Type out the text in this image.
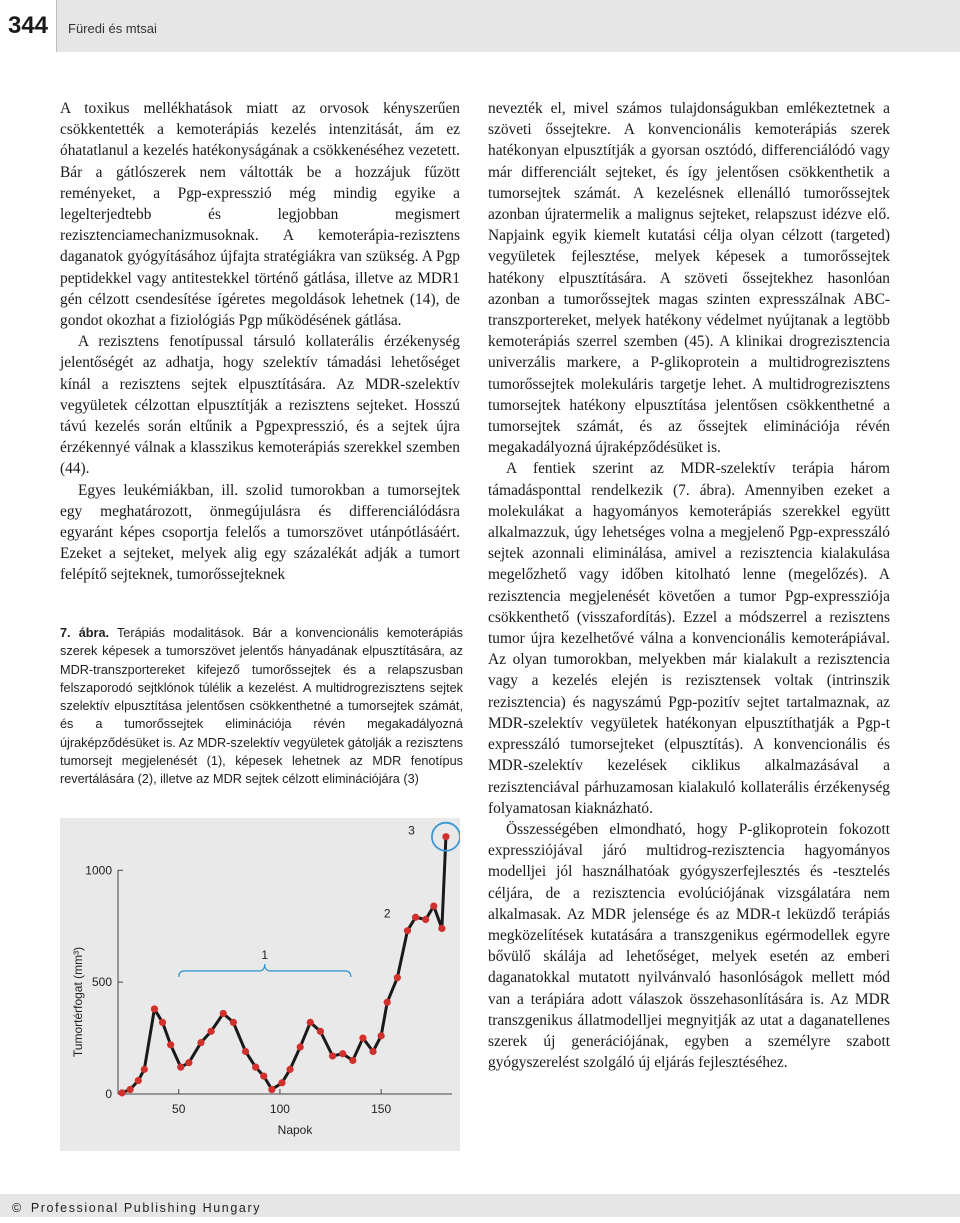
344	Füredi és mtsai

A toxikus mellékhatások miatt az orvosok kényszerűen csökkentették a kemoterápiás kezelés intenzitását, ám ez óhatatlanul a kezelés hatékonyságának a csökkenéséhez vezetett. Bár a gátlószerek nem váltották be a hozzájuk fűzött reményeket, a Pgp-expresszió még mindig egyike a legelterjedtebb és legjobban megismert rezisztenciamechanizmusoknak. A kemoterápia-rezisztens daganatok gyógyításához újfajta stratégiákra van szükség. A Pgp peptidekkel vagy antitestekkel történő gátlása, illetve az MDR1 gén célzott csendesítése ígéretes megoldások lehetnek (14), de gondot okozhat a fiziológiás Pgp működésének gátlása.

A rezisztens fenotípussal társuló kollaterális érzékenység jelentőségét az adhatja, hogy szelektív támadási lehetőséget kínál a rezisztens sejtek elpusztítására. Az MDR-szelektív vegyületek célzottan elpusztítják a rezisztens sejteket. Hosszú távú kezelés során eltűnik a Pgpexpresszió, és a sejtek újra érzékennyé válnak a klasszikus kemoterápiás szerekkel szemben (44).

Egyes leukémiákban, ill. szolid tumorokban a tumorsejtek egy meghatározott, önmegújulásra és differenciálódásra egyaránt képes csoportja felelős a tumorszövet utánpótlásáért. Ezeket a sejteket, melyek alig egy százalékát adják a tumort felépítő sejteknek, tumorőssejteknek

7. ábra. Terápiás modalitások. Bár a konvencionális kemoterápiás szerek képesek a tumorszövet jelentős hányadának elpusztítására, az MDR-transzportereket kifejező tumorőssejtek és a relapszusban felszaporodó sejtklónok túlélik a kezelést. A multidrogrezisztens sejtek szelektív elpusztítása jelentősen csökkenthetné a tumorsejtek számát, és a tumorőssejtek eliminációja révén megakadályozná újraképződésüket is. Az MDR-szelektív vegyületek gátolják a rezisztens tumorsejt megjelenését (1), képesek lehetnek az MDR fenotípus revertálására (2), illetve az MDR sejtek célzott eliminációjára (3)
0
500
1000
50	100	150
Napok
Tumortérfogat (mm³)	1
2
3

nevezték el, mivel számos tulajdonságukban emlékeztetnek a szöveti őssejtekre. A konvencionális kemoterápiás szerek hatékonyan elpusztítják a gyorsan osztódó, differenciálódó vagy már differenciált sejteket, és így jelentősen csökkenthetik a tumorsejtek számát. A kezelésnek ellenálló tumorőssejtek azonban újratermelik a malignus sejteket, relapszust idézve elő. Napjaink egyik kiemelt kutatási célja olyan célzott (targeted) vegyületek fejlesztése, melyek képesek a tumorőssejtek hatékony elpusztítására. A szöveti őssejtekhez hasonlóan azonban a tumorőssejtek magas szinten expresszálnak ABC-transzportereket, melyek hatékony védelmet nyújtanak a legtöbb kemoterápiás szerrel szemben (45). A klinikai drogrezisztencia univerzális markere, a P-glikoprotein a multidrogrezisztens tumorőssejtek molekuláris targetje lehet. A multidrogrezisztens tumorsejtek hatékony elpusztítása jelentősen csökkenthetné a tumorsejtek számát, és az őssejtek eliminációja révén megakadályozná újraképződésüket is.

A fentiek szerint az MDR-szelektív terápia három támadásponttal rendelkezik (7. ábra). Amennyiben ezeket a molekulákat a hagyományos kemoterápiás szerekkel együtt alkalmazzuk, úgy lehetséges volna a megjelenő Pgp-expresszáló sejtek azonnali eliminálása, amivel a rezisztencia kialakulása megelőzhető vagy időben kitolható lenne (megelőzés). A rezisztencia megjelenését követően a tumor Pgp-expressziója csökkenthető (visszafordítás). Ezzel a módszerrel a rezisztens tumor újra kezelhetővé válna a konvencionális kemoterápiával. Az olyan tumorokban, melyekben már kialakult a rezisztencia vagy a kezelés elején is rezisztensek voltak (intrinszik rezisztencia) és nagyszámú Pgp-pozitív sejtet tartalmaznak, az MDR-szelektív vegyületek hatékonyan elpusztíthatják a Pgp-t expresszáló tumorsejteket (elpusztítás). A konvencionális és MDR-szelektív kezelések ciklikus alkalmazásával a rezisztenciával párhuzamosan kialakuló kollaterális érzékenység folyamatosan kiaknázható.

Összességében elmondható, hogy P-glikoprotein fokozott expressziójával járó multidrog-rezisztencia hagyományos modelljei jól használhatóak gyógyszerfejlesztés és -tesztelés céljára, de a rezisztencia evolúciójának vizsgálatára nem alkalmasak. Az MDR jelensége és az MDR-t leküzdő terápiás megközelítések kutatására a transzgenikus egérmodellek egyre bővülő skálája ad lehetőséget, melyek esetén az emberi daganatokkal mutatott nyilvánvaló hasonlóságok mellett mód van a terápiára adott válaszok összehasonlítására is. Az MDR transzgenikus állatmodelljei megnyitják az utat a daganatellenes szerek új generációjának, egyben a személyre szabott gyógyszerelést szolgáló új eljárás fejlesztéséhez.

© Professional Publishing Hungary
